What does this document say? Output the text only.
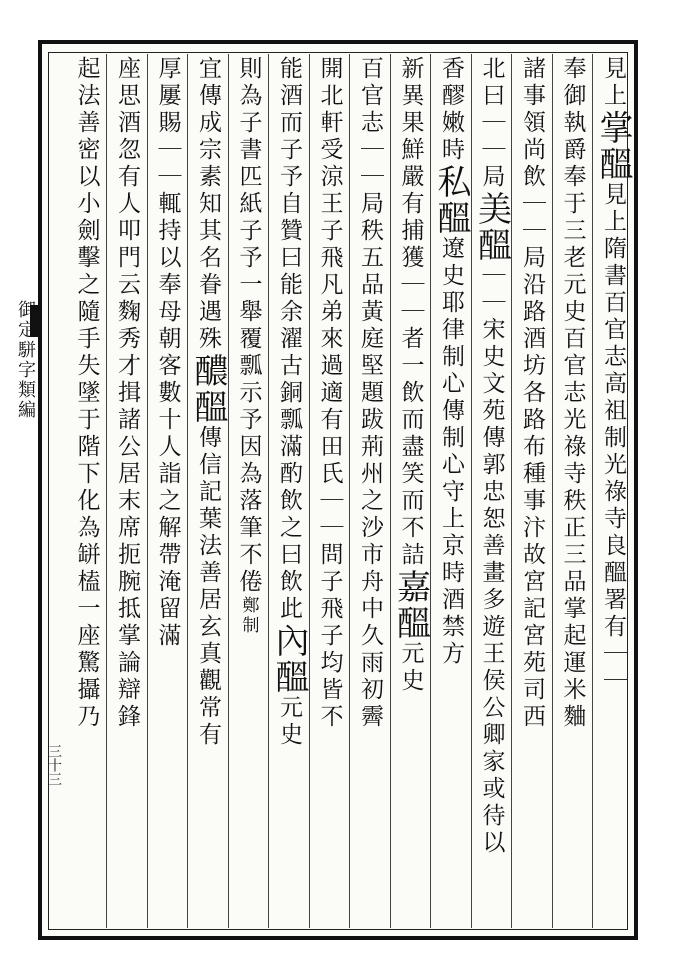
御定駢字類編
三十三
見上掌醞見上隋書百官志高祖制光祿寺良醞署有｜｜
奉御執爵奉于三老元史百官志光祿寺秩正三品掌起運米麯
諸事領尚飲｜｜局沿路酒坊各路布種事汴故宮記宮苑司西
北曰｜｜局美醞｜｜宋史文苑傳郭忠恕善畫多遊王侯公卿家或待以
香醪嫩時私醞遼史耶律制心傳制心守上京時酒禁方
新異果鮮嚴有捕獲｜｜者一飲而盡笑而不詰嘉醞元史
百官志｜｜局秩五品黃庭堅題跋荊州之沙市舟中久雨初霽
開北軒受涼王子飛凡弟來過適有田氏｜｜問子飛子均皆不
能酒而子予自贊曰能余濯古銅瓢滿酌飲之曰飲此內醞元史
則為子書匹紙子予一舉覆瓢示予因為落筆不倦鄭制
宜傳成宗素知其名眷遇殊醲醞傳信記葉法善居玄真觀常有
厚屢賜｜｜輒持以奉母朝客數十人詣之解帶淹留滿
座思酒忽有人叩門云麴秀才揖諸公居末席扼腕抵掌論辯鋒
起法善密以小劍擊之隨手失墜于階下化為缾榼一座驚攝乃
